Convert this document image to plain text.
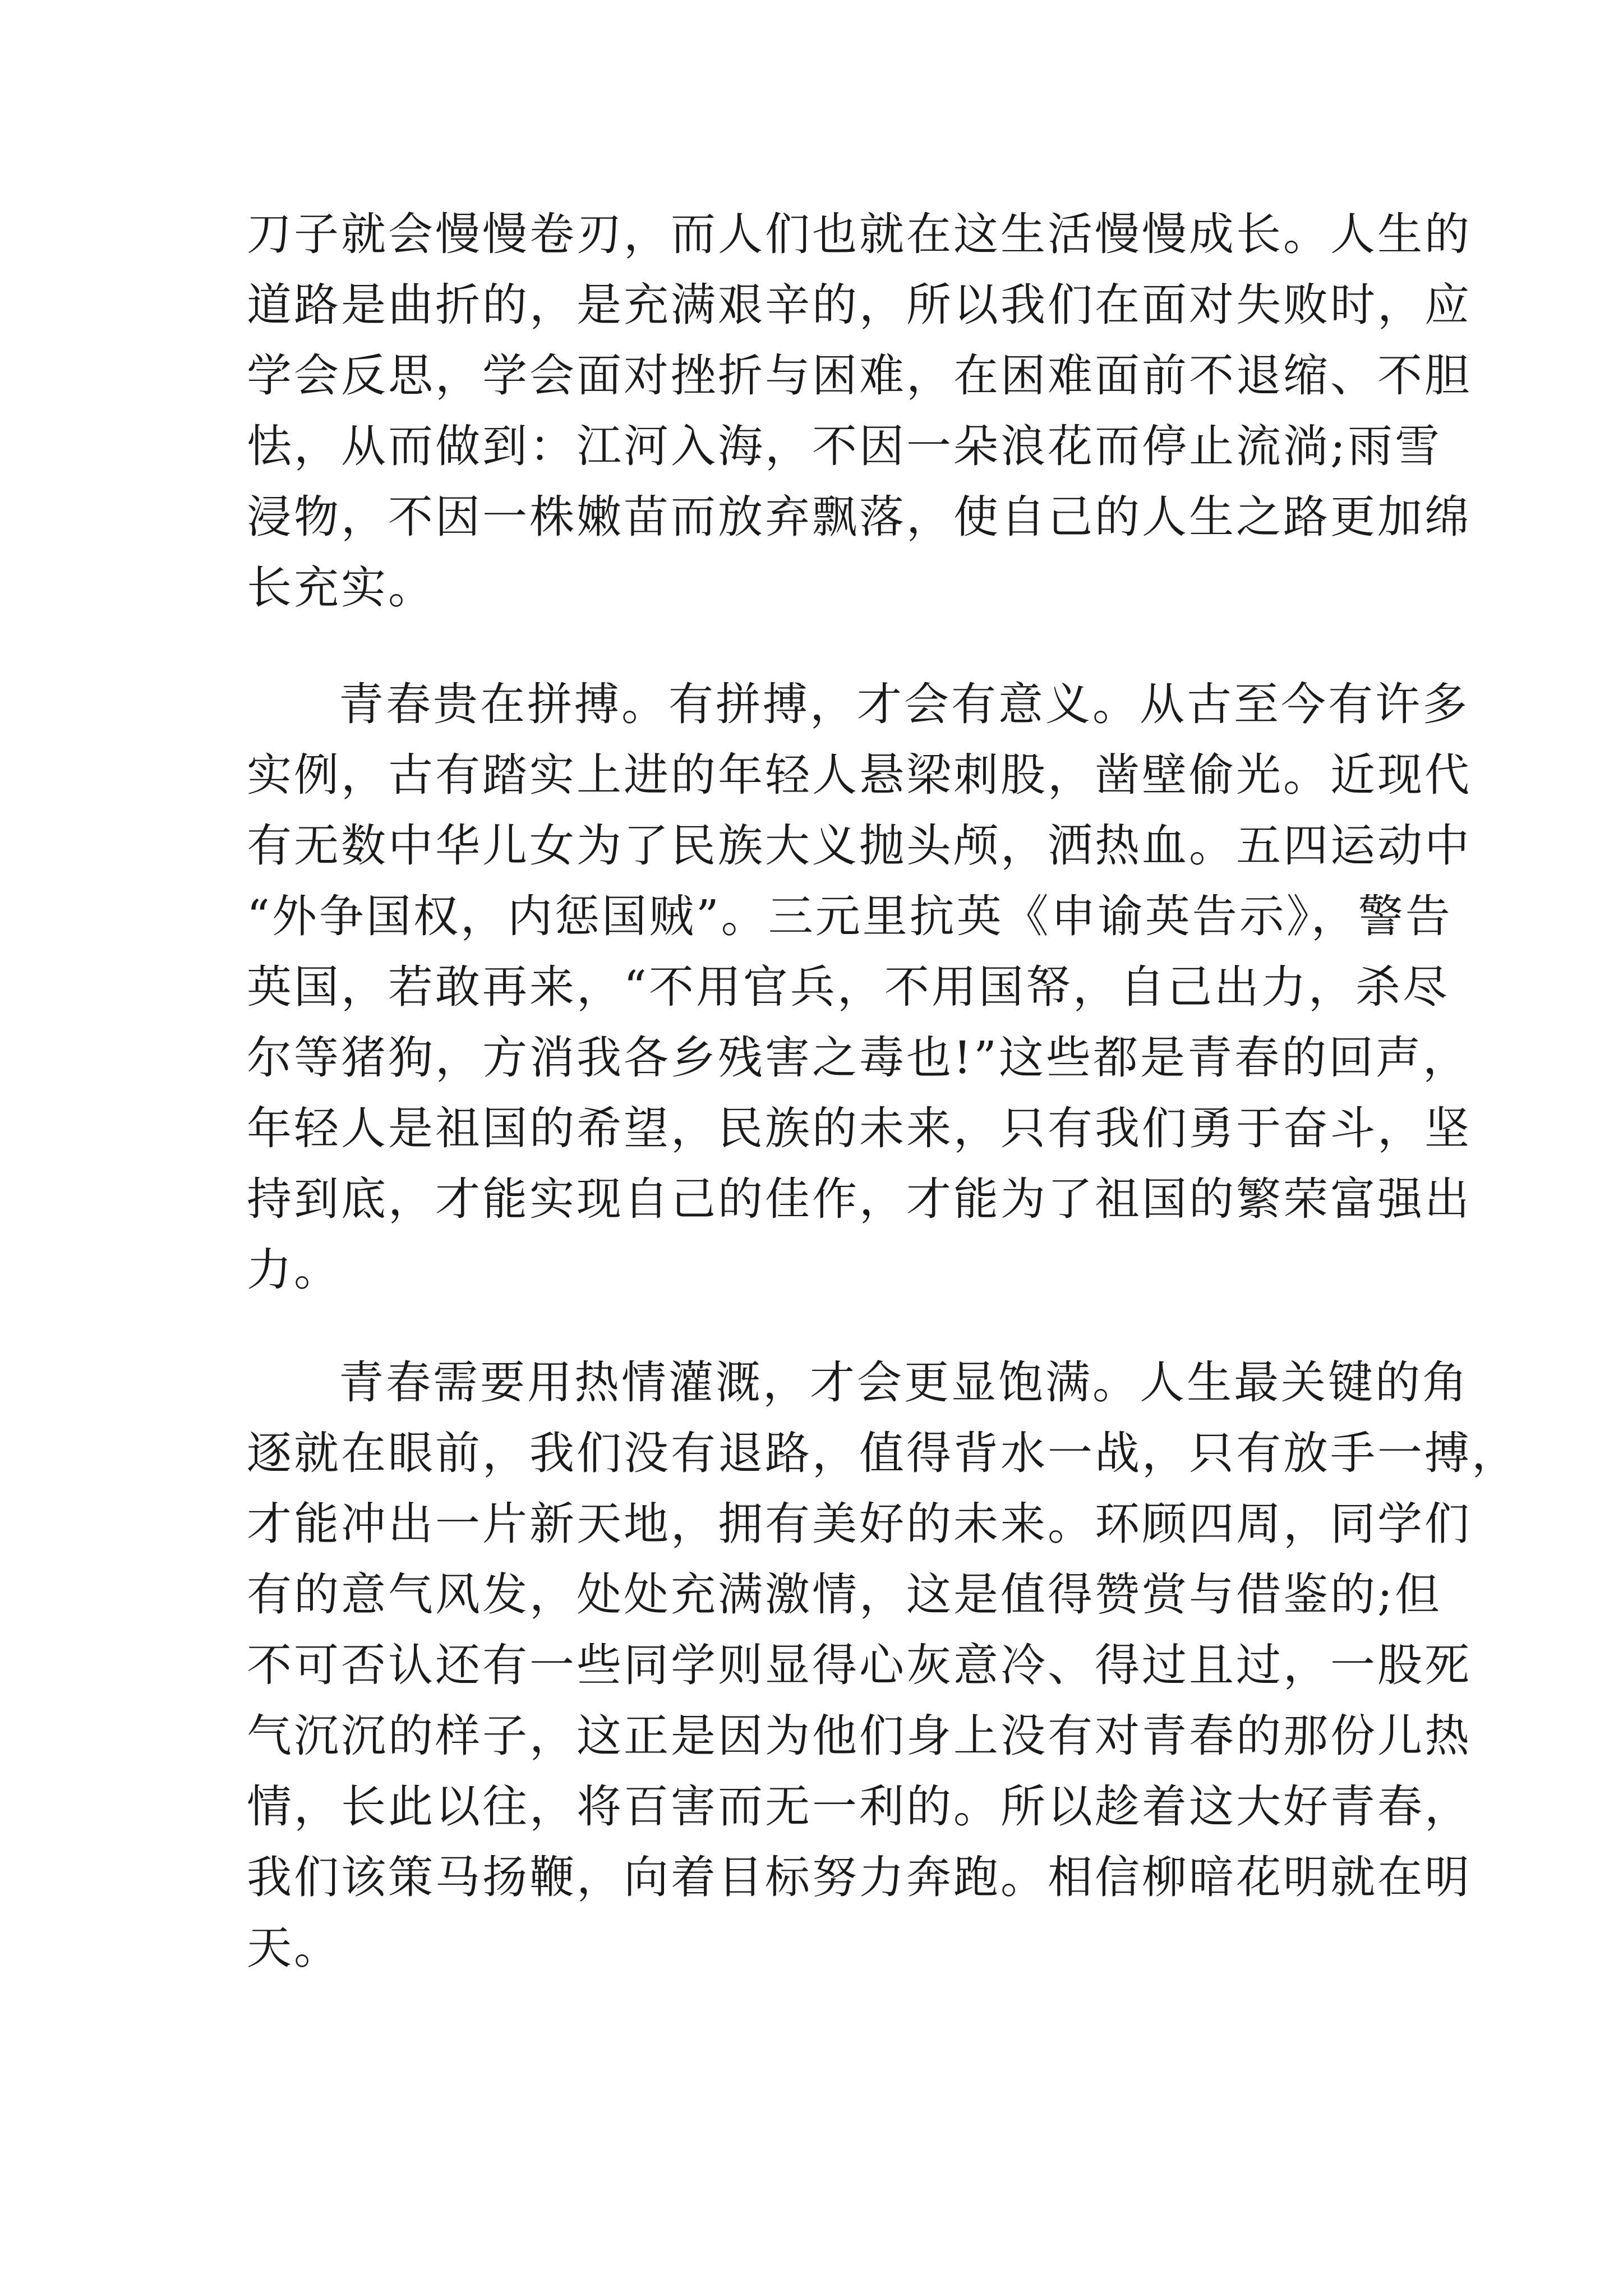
刀子就会慢慢卷刃，而人们也就在这生活慢慢成长。人生的
道路是曲折的，是充满艰辛的，所以我们在面对失败时，应
学会反思，学会面对挫折与困难，在困难面前不退缩、不胆
怯，从而做到：江河入海，不因一朵浪花而停止流淌;雨雪
浸物，不因一株嫩苗而放弃飘落，使自己的人生之路更加绵
长充实。
青春贵在拼搏。有拼搏，才会有意义。从古至今有许多
实例，古有踏实上进的年轻人悬梁刺股，凿壁偷光。近现代
有无数中华儿女为了民族大义抛头颅，洒热血。五四运动中
“外争国权，内惩国贼”。三元里抗英《申谕英告示》，警告
英国，若敢再来，“不用官兵，不用国帑，自己出力，杀尽
尔等猪狗，方消我各乡残害之毒也!”这些都是青春的回声，
年轻人是祖国的希望，民族的未来，只有我们勇于奋斗，坚
持到底，才能实现自己的佳作，才能为了祖国的繁荣富强出
力。
青春需要用热情灌溉，才会更显饱满。人生最关键的角
逐就在眼前，我们没有退路，值得背水一战，只有放手一搏，
才能冲出一片新天地，拥有美好的未来。环顾四周，同学们
有的意气风发，处处充满激情，这是值得赞赏与借鉴的;但
不可否认还有一些同学则显得心灰意冷、得过且过，一股死
气沉沉的样子，这正是因为他们身上没有对青春的那份儿热
情，长此以往，将百害而无一利的。所以趁着这大好青春，
我们该策马扬鞭，向着目标努力奔跑。相信柳暗花明就在明
天。
